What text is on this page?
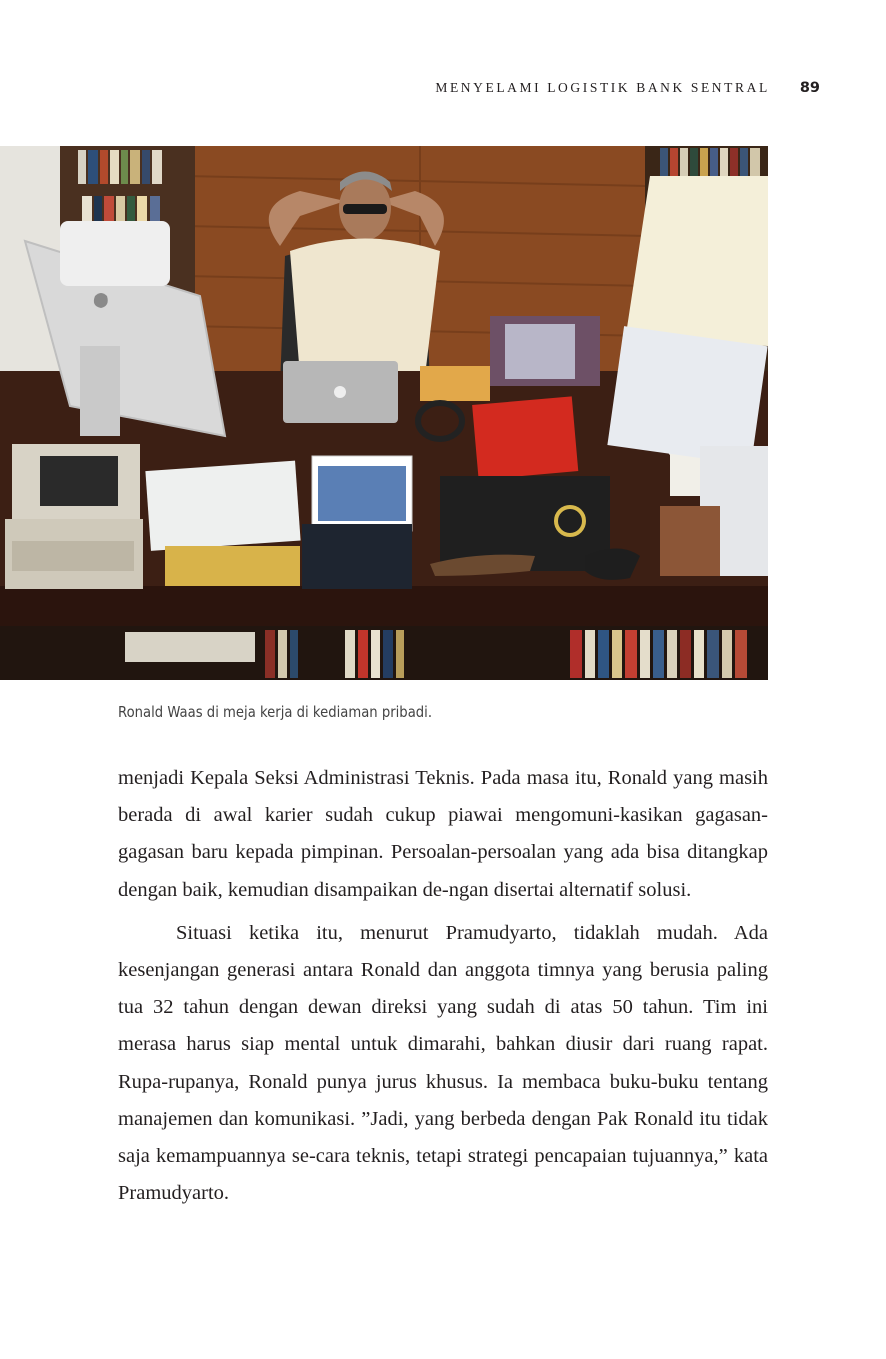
MENYELAMI LOGISTIK BANK SENTRAL 89
Ronald Waas di meja kerja di kediaman pribadi.

menjadi Kepala Seksi Administrasi Teknis. Pada masa itu, Ronald yang masih berada di awal karier sudah cukup piawai mengomuni-kasikan gagasan-gagasan baru kepada pimpinan. Persoalan-persoalan yang ada bisa ditangkap dengan baik, kemudian disampaikan de-ngan disertai alternatif solusi.

Situasi ketika itu, menurut Pramudyarto, tidaklah mudah. Ada kesenjangan generasi antara Ronald dan anggota timnya yang berusia paling tua 32 tahun dengan dewan direksi yang sudah di atas 50 tahun. Tim ini merasa harus siap mental untuk dimarahi, bahkan diusir dari ruang rapat. Rupa-rupanya, Ronald punya jurus khusus. Ia membaca buku-buku tentang manajemen dan komunikasi. ”Jadi, yang berbeda dengan Pak Ronald itu tidak saja kemampuannya se-cara teknis, tetapi strategi pencapaian tujuannya,” kata Pramudyarto.
